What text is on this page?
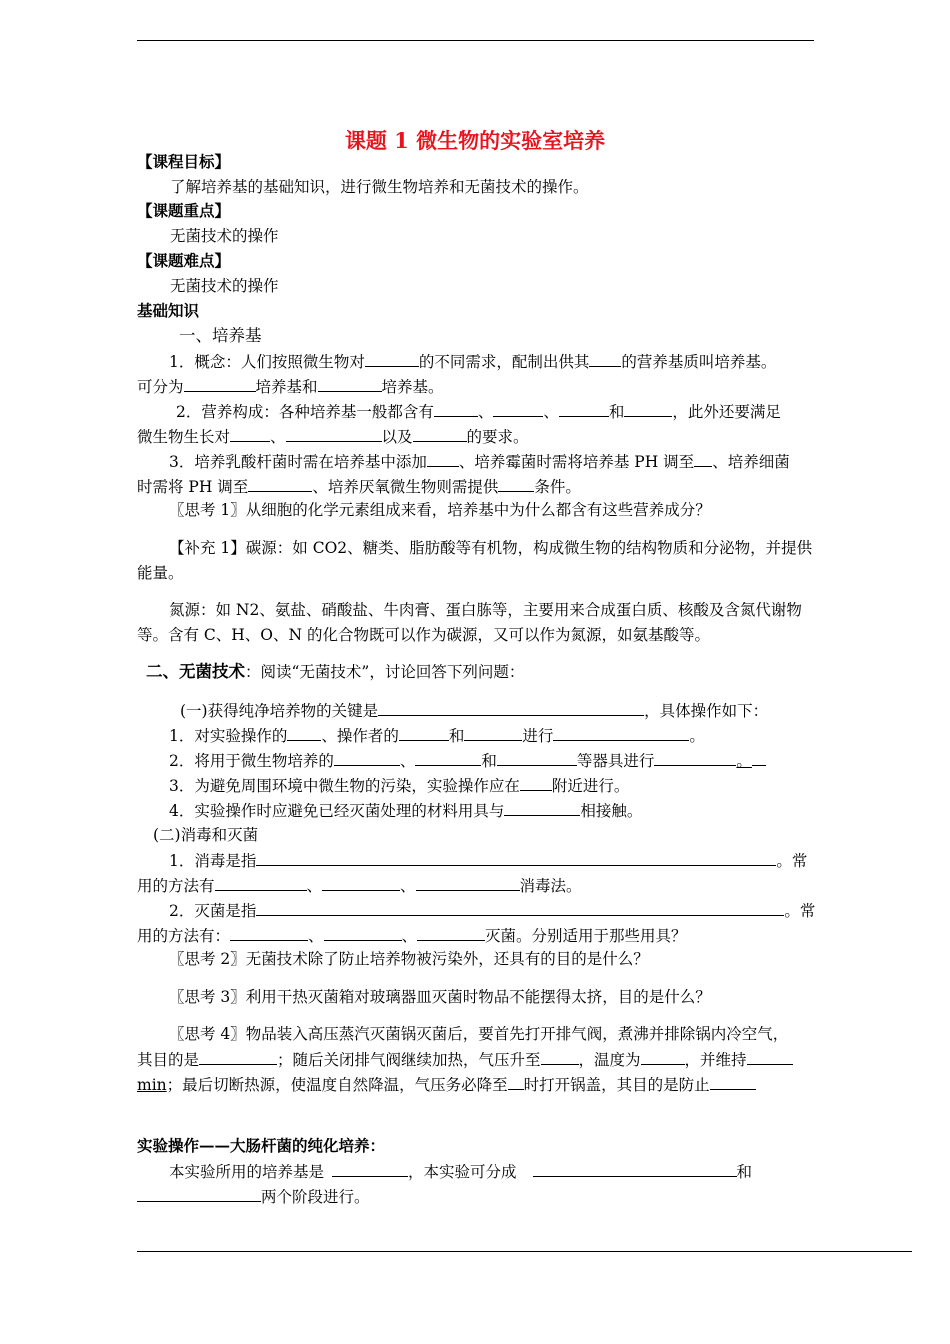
课题 1 微生物的实验室培养
【课程目标】
了解培养基的基础知识，进行微生物培养和无菌技术的操作。
【课题重点】
无菌技术的操作
【课题难点】
无菌技术的操作
基础知识
一、培养基
1．概念：人们按照微生物对	的不同需求，配制出供其 的营养基质叫培养基。
可分为	培养基和	培养基。
2．营养构成：各种培养基一般都含有	、	、	和	，此外还要满足
微生物生长对	、	以及	的要求。
3．培养乳酸杆菌时需在培养基中添加 、培养霉菌时需将培养基 PH 调至 、培养细菌
时需将 PH 调至	、培养厌氧微生物则需提供 条件。
〖思考 1〗从细胞的化学元素组成来看，培养基中为什么都含有这些营养成分？
【补充 1】碳源：如 CO2、糖类、脂肪酸等有机物，构成微生物的结构物质和分泌物，并提供
能量。
氮源：如 N2、氨盐、硝酸盐、牛肉膏、蛋白胨等，主要用来合成蛋白质、核酸及含氮代谢物
等。含有 C、H、O、N 的化合物既可以作为碳源，又可以作为氮源，如氨基酸等。
二、无菌技术：阅读“无菌技术”，讨论回答下列问题：
(一)获得纯净培养物的关键是	，具体操作如下：
1．对实验操作的 、操作者的	和	进行	。
2．将用于微生物培养的	、	和	等器具进行	。
3．为避免周围环境中微生物的污染，实验操作应在 附近进行。
4．实验操作时应避免已经灭菌处理的材料用具与	相接触。
(二)消毒和灭菌
1．消毒是指	。常
用的方法有	、	、	消毒法。
2．灭菌是指	。常
用的方法有：	、	、	灭菌。分别适用于那些用具？
〖思考 2〗无菌技术除了防止培养物被污染外，还具有的目的是什么？
〖思考 3〗利用干热灭菌箱对玻璃器皿灭菌时物品不能摆得太挤，目的是什么？
〖思考 4〗物品装入高压蒸汽灭菌锅灭菌后，要首先打开排气阀，煮沸并排除锅内冷空气，
其目的是	；随后关闭排气阀继续加热，气压升至 ，温度为	，并维持
min；最后切断热源，使温度自然降温，气压务必降至 时打开锅盖，其目的是防止
实验操作——大肠杆菌的纯化培养：
本实验所用的培养基是	，本实验可分成	和
两个阶段进行。
